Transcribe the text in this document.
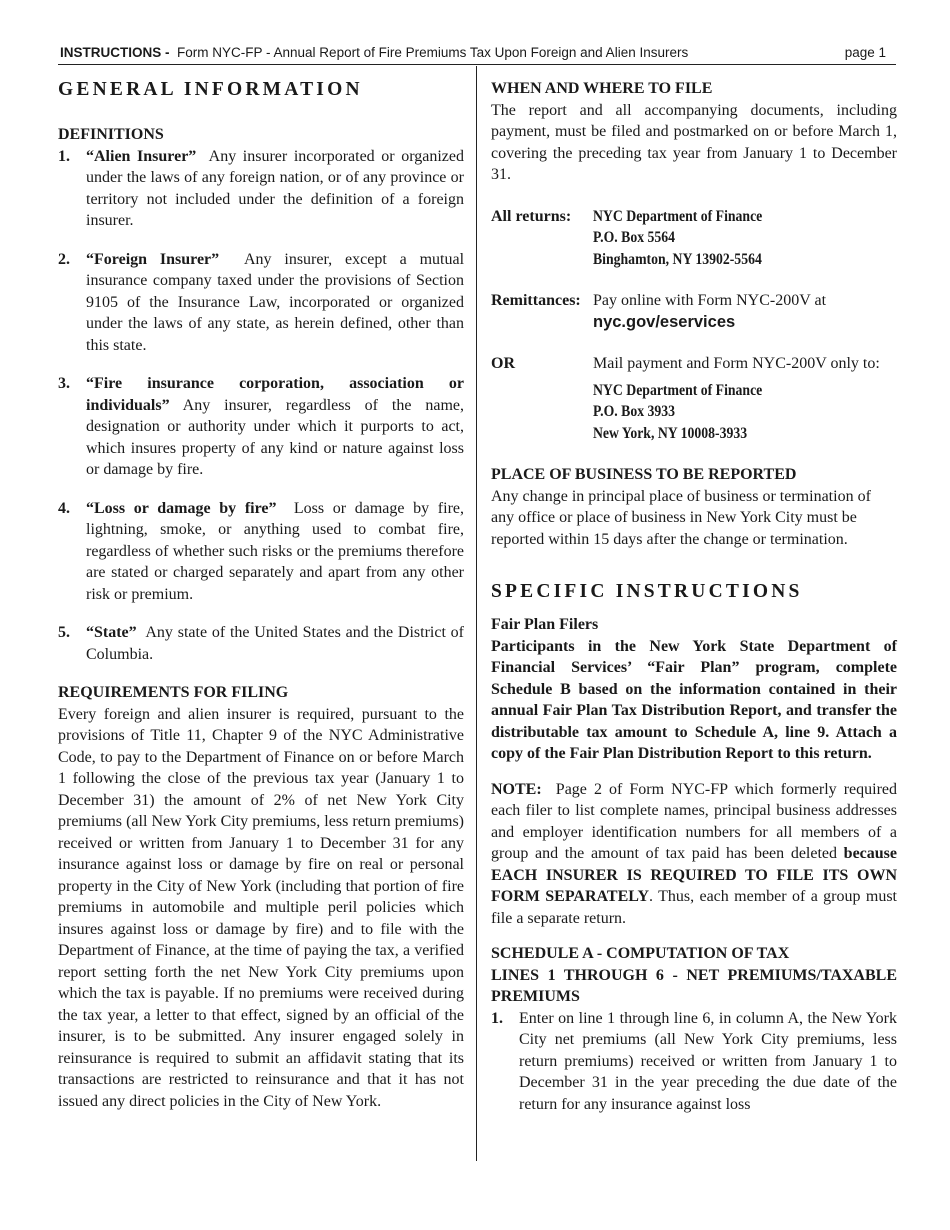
INSTRUCTIONS - Form NYC-FP - Annual Report of Fire Premiums Tax Upon Foreign and Alien Insurers	page 1
GENERAL INFORMATION
DEFINITIONS
1. “Alien Insurer” Any insurer incorporated or organized under the laws of any foreign nation, or of any province or territory not included under the definition of a foreign insurer.
2. “Foreign Insurer” Any insurer, except a mutual insurance company taxed under the provisions of Section 9105 of the Insurance Law, incorporated or organized under the laws of any state, as herein defined, other than this state.
3. “Fire insurance corporation, association or individuals” Any insurer, regardless of the name, designation or authority under which it purports to act, which insures property of any kind or nature against loss or damage by fire.
4. “Loss or damage by fire” Loss or damage by fire, lightning, smoke, or anything used to combat fire, regardless of whether such risks or the premiums therefore are stated or charged separately and apart from any other risk or premium.
5. “State” Any state of the United States and the District of Columbia.
REQUIREMENTS FOR FILING

Every foreign and alien insurer is required, pursuant to the provisions of Title 11, Chapter 9 of the NYC Administrative Code, to pay to the Department of Finance on or before March 1 following the close of the previous tax year (January 1 to December 31) the amount of 2% of net New York City premiums (all New York City premiums, less return premiums) received or written from January 1 to December 31 for any insurance against loss or damage by fire on real or personal property in the City of New York (including that portion of fire premiums in automobile and multiple peril policies which insures against loss or damage by fire) and to file with the Department of Finance, at the time of paying the tax, a verified report setting forth the net New York City premiums upon which the tax is payable. If no premiums were received during the tax year, a letter to that effect, signed by an official of the insurer, is to be submitted. Any insurer engaged solely in reinsurance is required to submit an affidavit stating that its transactions are restricted to reinsurance and that it has not issued any direct policies in the City of New York.

WHEN AND WHERE TO FILE

The report and all accompanying documents, including payment, must be filed and postmarked on or before March 1, covering the preceding tax year from January 1 to December 31.

All returns: NYC Department of Finance
P.O. Box 5564
Binghamton, NY 13902-5564
Remittances: Pay online with Form NYC-200V at
nyc.gov/eservices
OR	Mail payment and Form NYC-200V only to:
NYC Department of Finance
P.O. Box 3933
New York, NY 10008-3933
PLACE OF BUSINESS TO BE REPORTED

Any change in principal place of business or termination of any office or place of business in New York City must be reported within 15 days after the change or termination.

SPECIFIC INSTRUCTIONS
Fair Plan Filers

Participants in the New York State Department of Financial Services’ “Fair Plan” program, complete Schedule B based on the information contained in their annual Fair Plan Tax Distribution Report, and transfer the distributable tax amount to Schedule A, line 9. Attach a copy of the Fair Plan Distribution Report to this return.

NOTE: Page 2 of Form NYC-FP which formerly required each filer to list complete names, principal business addresses and employer identification numbers for all members of a group and the amount of tax paid has been deleted because EACH INSURER IS REQUIRED TO FILE ITS OWN FORM SEPARATELY. Thus, each member of a group must file a separate return.

SCHEDULE A - COMPUTATION OF TAX
LINES 1 THROUGH 6 - NET PREMIUMS/TAXABLE PREMIUMS
1. Enter on line 1 through line 6, in column A, the New York City net premiums (all New York City premiums, less return premiums) received or written from January 1 to December 31 in the year preceding the due date of the return for any insurance against loss
